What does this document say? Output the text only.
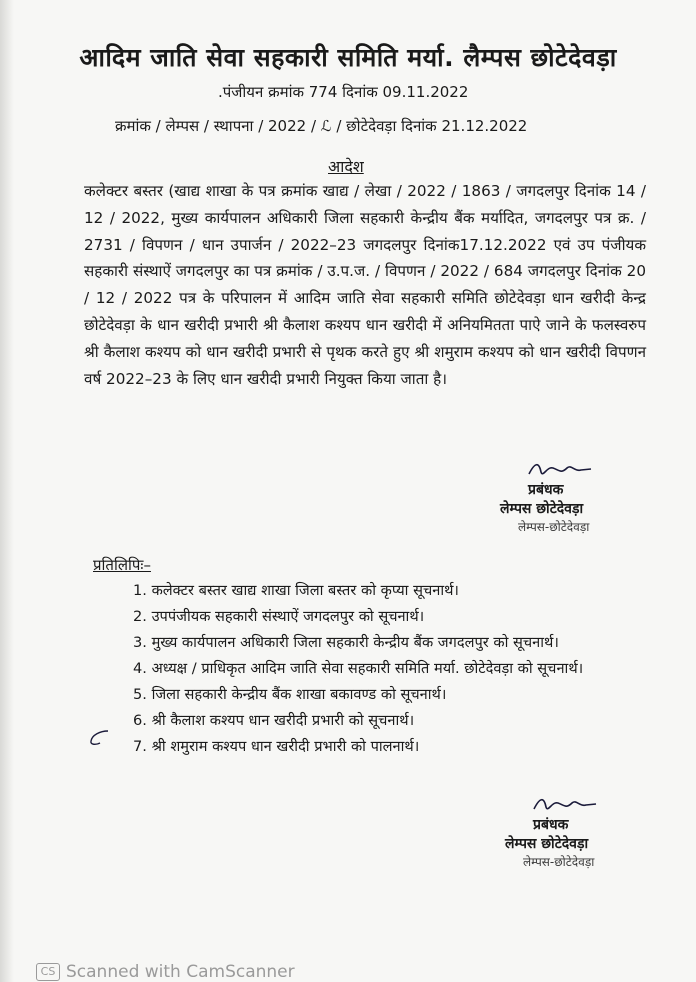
आदिम जाति सेवा सहकारी समिति मर्या. लैम्पस छोटेदेवड़ा
.पंजीयन क्रमांक 774 दिनांक 09.11.2022
क्रमांक / लेम्पस / स्थापना / 2022 / ℒ / छोटेदेवड़ा दिनांक 21.12.2022
आदेश
कलेक्टर बस्तर (खाद्य शाखा के पत्र क्रमांक खाद्य / लेखा / 2022 / 1863 / जगदलपुर दिनांक 14 / 12 / 2022, मुख्य कार्यपालन अधिकारी जिला सहकारी केन्द्रीय बैंक मर्यादित, जगदलपुर पत्र क्र. / 2731 / विपणन / धान उपार्जन / 2022–23 जगदलपुर दिनांक17.12.2022 एवं उप पंजीयक सहकारी संस्थाऐं जगदलपुर का पत्र क्रमांक / उ.प.ज. / विपणन / 2022 / 684 जगदलपुर दिनांक 20 / 12 / 2022 पत्र के परिपालन में आदिम जाति सेवा सहकारी समिति छोटेदेवड़ा धान खरीदी केन्द्र छोटेदेवड़ा के धान खरीदी प्रभारी श्री कैलाश कश्यप धान खरीदी में अनियमितता पाऐ जाने के फलस्वरुप श्री कैलाश कश्यप को धान खरीदी प्रभारी से पृथक करते हुए श्री शमुराम कश्यप को धान खरीदी विपणन वर्ष 2022–23 के लिए धान खरीदी प्रभारी नियुक्त किया जाता है।
प्रबंधक
लेम्पस छोटेदेवड़ा
लेम्पस-छोटेदेवड़ा
प्रतिलिपिः–
1. कलेक्टर बस्तर खाद्य शाखा जिला बस्तर को कृप्या सूचनार्थ।
2. उपपंजीयक सहकारी संस्थाऐं जगदलपुर को सूचनार्थ।
3. मुख्य कार्यपालन अधिकारी जिला सहकारी केन्द्रीय बैंक जगदलपुर को सूचनार्थ।
4. अध्यक्ष / प्राधिकृत आदिम जाति सेवा सहकारी समिति मर्या. छोटेदेवड़ा को सूचनार्थ।
5. जिला सहकारी केन्द्रीय बैंक शाखा बकावण्ड को सूचनार्थ।
6. श्री कैलाश कश्यप धान खरीदी प्रभारी को सूचनार्थ।
7. श्री शमुराम कश्यप धान खरीदी प्रभारी को पालनार्थ।
प्रबंधक
लेम्पस छोटेदेवड़ा
लेम्पस-छोटेदेवड़ा
CS Scanned with CamScanner
